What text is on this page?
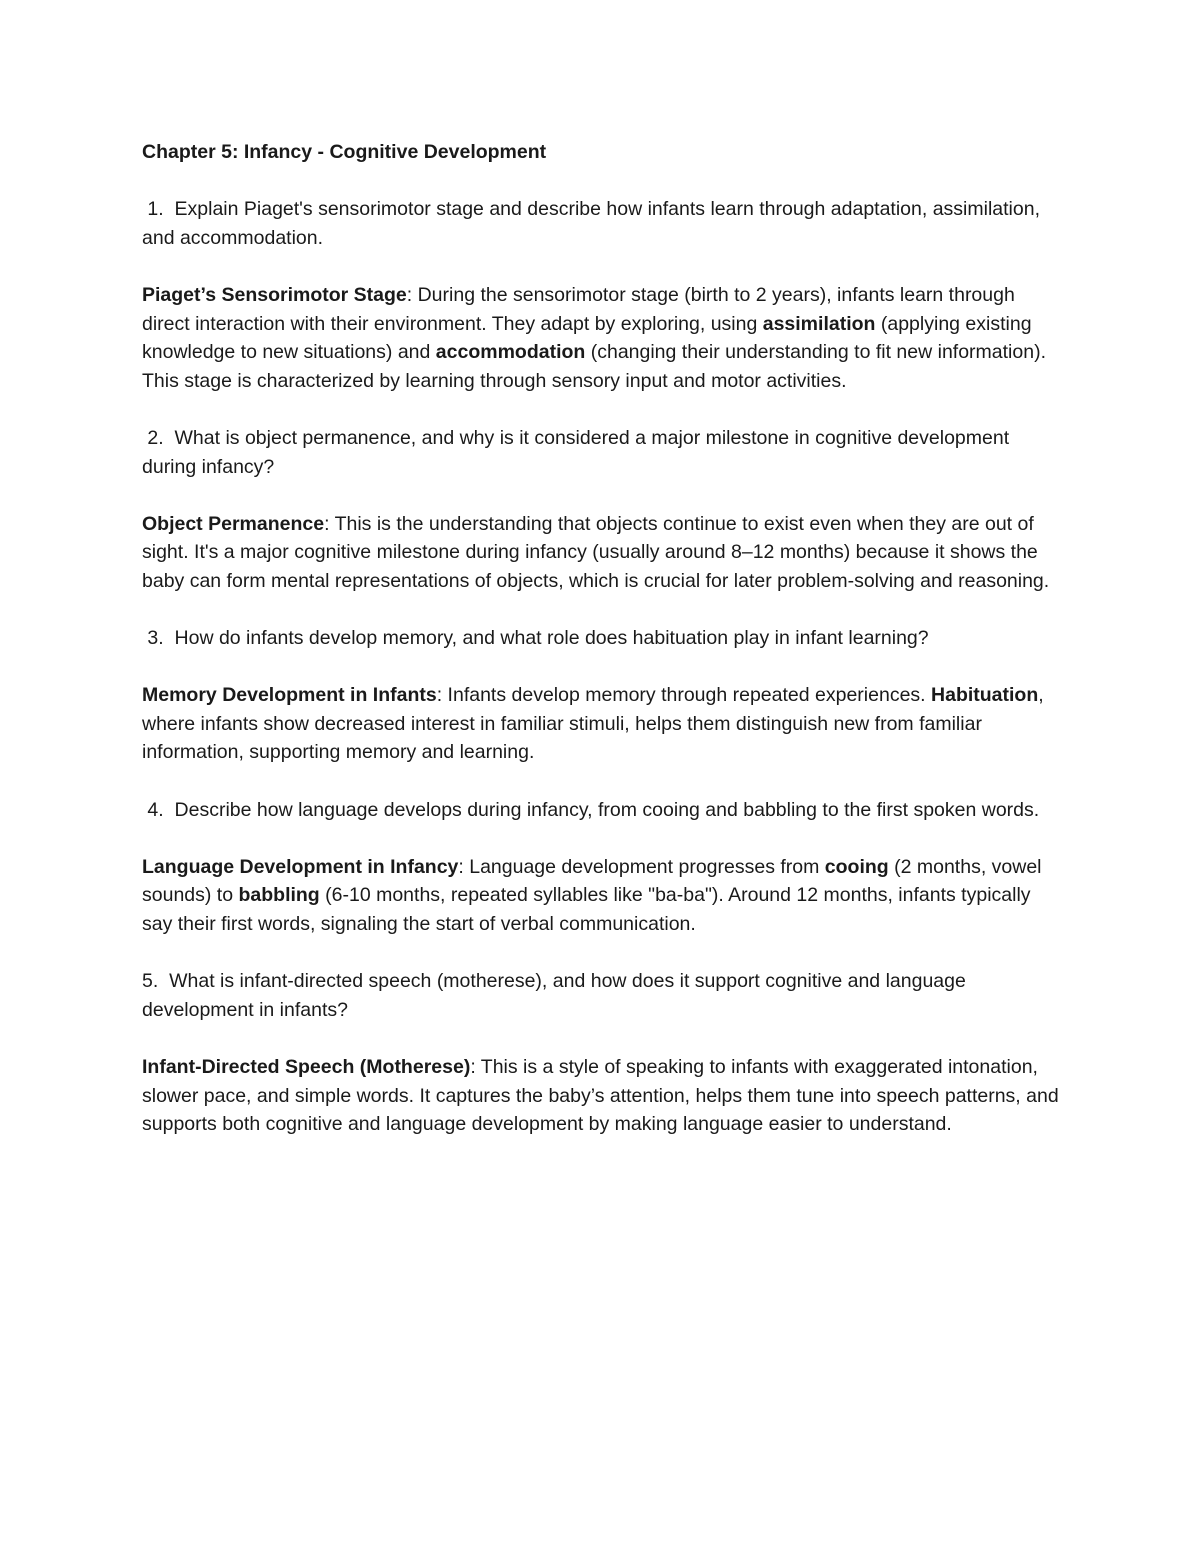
Chapter 5: Infancy - Cognitive Development
1.  Explain Piaget's sensorimotor stage and describe how infants learn through adaptation, assimilation, and accommodation.
Piaget’s Sensorimotor Stage: During the sensorimotor stage (birth to 2 years), infants learn through direct interaction with their environment. They adapt by exploring, using assimilation (applying existing knowledge to new situations) and accommodation (changing their understanding to fit new information). This stage is characterized by learning through sensory input and motor activities.
2.  What is object permanence, and why is it considered a major milestone in cognitive development during infancy?
Object Permanence: This is the understanding that objects continue to exist even when they are out of sight. It's a major cognitive milestone during infancy (usually around 8–12 months) because it shows the baby can form mental representations of objects, which is crucial for later problem-solving and reasoning.
3.  How do infants develop memory, and what role does habituation play in infant learning?
Memory Development in Infants: Infants develop memory through repeated experiences. Habituation, where infants show decreased interest in familiar stimuli, helps them distinguish new from familiar information, supporting memory and learning.
4.  Describe how language develops during infancy, from cooing and babbling to the first spoken words.
Language Development in Infancy: Language development progresses from cooing (2 months, vowel sounds) to babbling (6-10 months, repeated syllables like "ba-ba"). Around 12 months, infants typically say their first words, signaling the start of verbal communication.
5.  What is infant-directed speech (motherese), and how does it support cognitive and language development in infants?
Infant-Directed Speech (Motherese): This is a style of speaking to infants with exaggerated intonation, slower pace, and simple words. It captures the baby’s attention, helps them tune into speech patterns, and supports both cognitive and language development by making language easier to understand.
